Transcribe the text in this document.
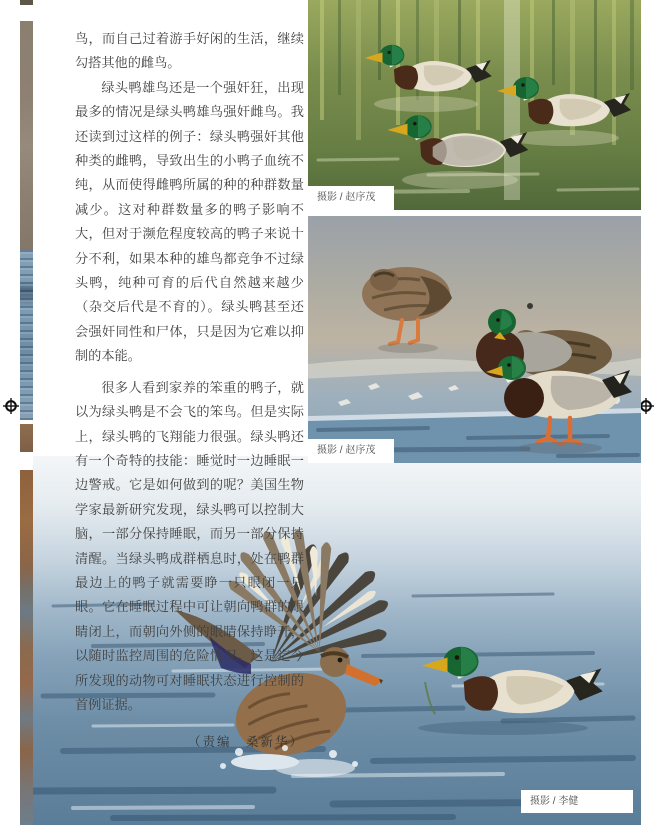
摄影 / 李健

鸟，而自己过着游手好闲的生活，继续勾搭其他的雌鸟。

绿头鸭雄鸟还是一个强奸狂，出现最多的情况是绿头鸭雄鸟强奸雌鸟。我还读到过这样的例子：绿头鸭强奸其他种类的雌鸭，导致出生的小鸭子血统不纯，从而使得雌鸭所属的种的种群数量减少。这对种群数量多的鸭子影响不大，但对于濒危程度较高的鸭子来说十分不利，如果本种的雄鸟都竞争不过绿头鸭，纯种可育的后代自然越来越少（杂交后代是不育的）。绿头鸭甚至还会强奸同性和尸体，只是因为它难以抑制的本能。

很多人看到家养的笨重的鸭子，就以为绿头鸭是不会飞的笨鸟。但是实际上，绿头鸭的飞翔能力很强。绿头鸭还有一个奇特的技能：睡觉时一边睡眠一边警戒。它是如何做到的呢？美国生物学家最新研究发现，绿头鸭可以控制大脑，一部分保持睡眠，而另一部分保持清醒。当绿头鸭成群栖息时，处在鸭群最边上的鸭子就需要睁一只眼闭一只眼。它在睡眠过程中可让朝向鸭群的眼睛闭上，而朝向外侧的眼睛保持睁开，以随时监控周围的危险情况。这是迄今所发现的动物可对睡眠状态进行控制的首例证据。

（责编　桑新华）

摄影 / 赵序茂
摄影 / 赵序茂
